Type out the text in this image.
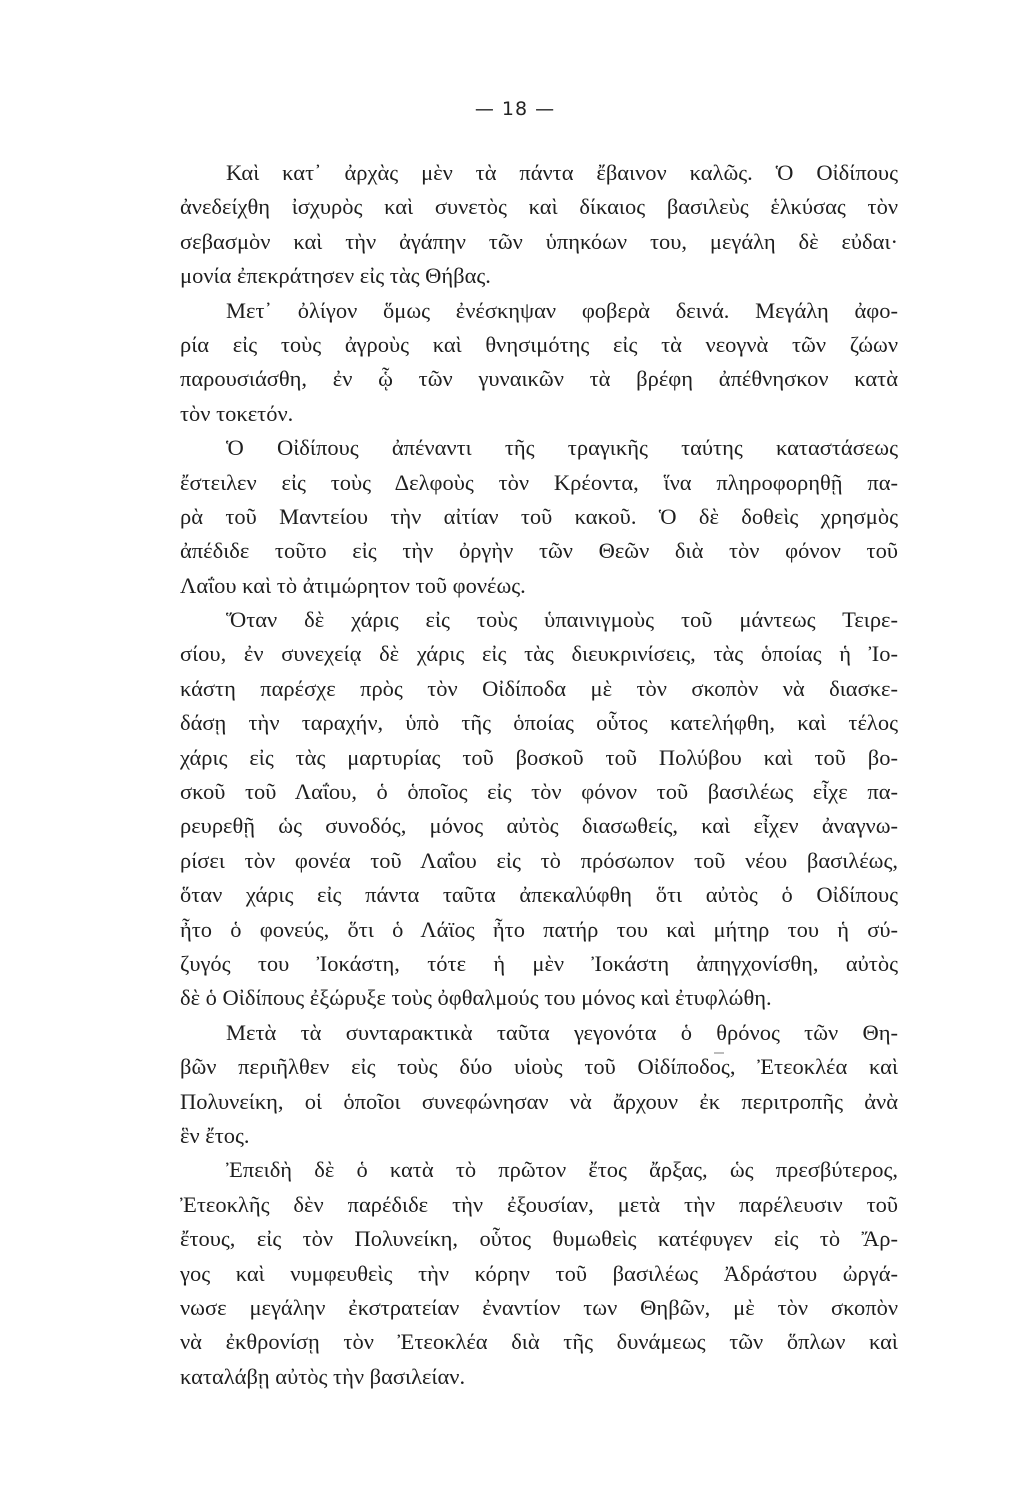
— 18 —
Καὶ κατ᾽ ἀρχὰς μὲν τὰ πάντα ἔβαινον καλῶς. Ὁ Οἰδίπους
ἀνεδείχθη ἰσχυρὸς καὶ συνετὸς καὶ δίκαιος βασιλεὺς ἑλκύσας τὸν
σεβασμὸν καὶ τὴν ἀγάπην τῶν ὑπηκόων του, μεγάλη δὲ εὐδαι·
μονία ἐπεκράτησεν εἰς τὰς Θήβας.
Μετ᾽ ὀλίγον ὅμως ἐνέσκηψαν φοβερὰ δεινά. Μεγάλη ἀφο-
ρία εἰς τοὺς ἀγροὺς καὶ θνησιμότης εἰς τὰ νεογνὰ τῶν ζώων
παρουσιάσθη, ἐν ᾧ τῶν γυναικῶν τὰ βρέφη ἀπέθνησκον κατὰ
τὸν τοκετόν.
Ὁ Οἰδίπους ἀπέναντι τῆς τραγικῆς ταύτης καταστάσεως
ἔστειλεν εἰς τοὺς Δελφοὺς τὸν Κρέοντα, ἵνα πληροφορηθῇ πα-
ρὰ τοῦ Μαντείου τὴν αἰτίαν τοῦ κακοῦ. Ὁ δὲ δοθεὶς χρησμὸς
ἀπέδιδε τοῦτο εἰς τὴν ὀργὴν τῶν Θεῶν διὰ τὸν φόνον τοῦ
Λαΐου καὶ τὸ ἀτιμώρητον τοῦ φονέως.
Ὅταν δὲ χάρις εἰς τοὺς ὑπαινιγμοὺς τοῦ μάντεως Τειρε-
σίου, ἐν συνεχείᾳ δὲ χάρις εἰς τὰς διευκρινίσεις, τὰς ὁποίας ἡ Ἰο-
κάστη παρέσχε πρὸς τὸν Οἰδίποδα μὲ τὸν σκοπὸν νὰ διασκε-
δάσῃ τὴν ταραχήν, ὑπὸ τῆς ὁποίας οὗτος κατελήφθη, καὶ τέλος
χάρις εἰς τὰς μαρτυρίας τοῦ βοσκοῦ τοῦ Πολύβου καὶ τοῦ βο-
σκοῦ τοῦ Λαΐου, ὁ ὁποῖος εἰς τὸν φόνον τοῦ βασιλέως εἶχε πα-
ρευρεθῇ ὡς συνοδός, μόνος αὐτὸς διασωθείς, καὶ εἶχεν ἀναγνω-
ρίσει τὸν φονέα τοῦ Λαΐου εἰς τὸ πρόσωπον τοῦ νέου βασιλέως,
ὅταν χάρις εἰς πάντα ταῦτα ἀπεκαλύφθη ὅτι αὐτὸς ὁ Οἰδίπους
ἦτο ὁ φονεύς, ὅτι ὁ Λάϊος ἦτο πατήρ του καὶ μήτηρ του ἡ σύ-
ζυγός του Ἰοκάστη, τότε ἡ μὲν Ἰοκάστη ἀπηγχονίσθη, αὐτὸς
δὲ ὁ Οἰδίπους ἐξώρυξε τοὺς ὀφθαλμούς του μόνος καὶ ἐτυφλώθη.
Μετὰ τὰ συνταρακτικὰ ταῦτα γεγονότα ὁ θρόνος τῶν Θη-
βῶν περιῆλθεν εἰς τοὺς δύο υἱοὺς τοῦ Οἰδίποδος, Ἐτεοκλέα καὶ
Πολυνείκη, οἱ ὁποῖοι συνεφώνησαν νὰ ἄρχουν ἐκ περιτροπῆς ἀνὰ
ἓν ἔτος.
Ἐπειδὴ δὲ ὁ κατὰ τὸ πρῶτον ἔτος ἄρξας, ὡς πρεσβύτερος,
Ἐτεοκλῆς δὲν παρέδιδε τὴν ἐξουσίαν, μετὰ τὴν παρέλευσιν τοῦ
ἔτους, εἰς τὸν Πολυνείκη, οὗτος θυμωθεὶς κατέφυγεν εἰς τὸ Ἄρ-
γος καὶ νυμφευθεὶς τὴν κόρην τοῦ βασιλέως Ἀδράστου ὠργά-
νωσε μεγάλην ἐκστρατείαν ἐναντίον των Θηβῶν, μὲ τὸν σκοπὸν
νὰ ἐκθρονίσῃ τὸν Ἐτεοκλέα διὰ τῆς δυνάμεως τῶν ὅπλων καὶ
καταλάβῃ αὐτὸς τὴν βασιλείαν.
